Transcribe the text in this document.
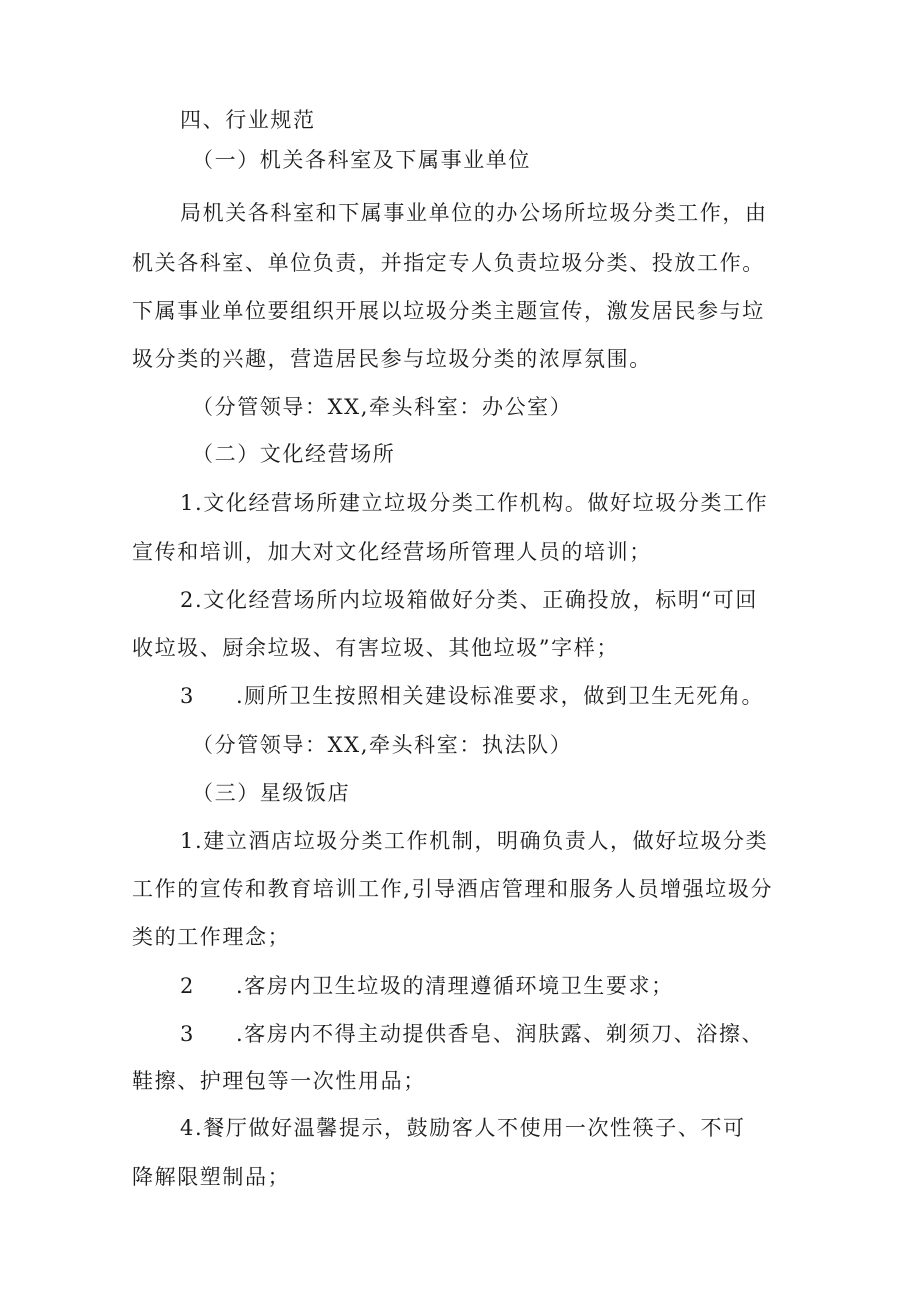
四、行业规范
（一）机关各科室及下属事业单位
局机关各科室和下属事业单位的办公场所垃圾分类工作，由
机关各科室、单位负责，并指定专人负责垃圾分类、投放工作。
下属事业单位要组织开展以垃圾分类主题宣传，激发居民参与垃
圾分类的兴趣，营造居民参与垃圾分类的浓厚氛围。
（分管领导：XX,牵头科室：办公室）
（二）文化经营场所
1.文化经营场所建立垃圾分类工作机构。做好垃圾分类工作
宣传和培训，加大对文化经营场所管理人员的培训；
2.文化经营场所内垃圾箱做好分类、正确投放，标明“可回
收垃圾、厨余垃圾、有害垃圾、其他垃圾”字样；
3 .厕所卫生按照相关建设标准要求，做到卫生无死角。
（分管领导：XX,牵头科室：执法队）
（三）星级饭店
1.建立酒店垃圾分类工作机制，明确负责人，做好垃圾分类
工作的宣传和教育培训工作,引导酒店管理和服务人员增强垃圾分
类的工作理念；
2 .客房内卫生垃圾的清理遵循环境卫生要求；
3 .客房内不得主动提供香皂、润肤露、剃须刀、浴擦、
鞋擦、护理包等一次性用品；
4.餐厅做好温馨提示，鼓励客人不使用一次性筷子、不可
降解限塑制品；
